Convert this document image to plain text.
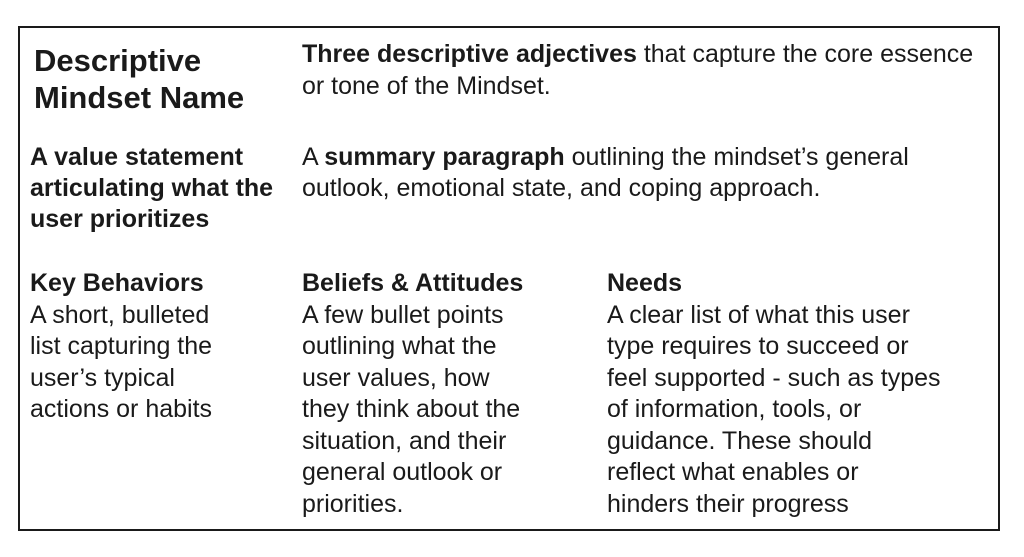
Descriptive Mindset Name

Three descriptive adjectives that capture the core essence or tone of the Mindset.

A value statement articulating what the user prioritizes

A summary paragraph outlining the mindset’s general outlook, emotional state, and coping approach.

Key Behaviors
A short, bulleted
list capturing the
user’s typical
actions or habits
Beliefs & Attitudes
A few bullet points
outlining what the
user values, how
they think about the
situation, and their
general outlook or
priorities.
Needs
A clear list of what this user
type requires to succeed or
feel supported - such as types
of information, tools, or
guidance. These should
reflect what enables or
hinders their progress
